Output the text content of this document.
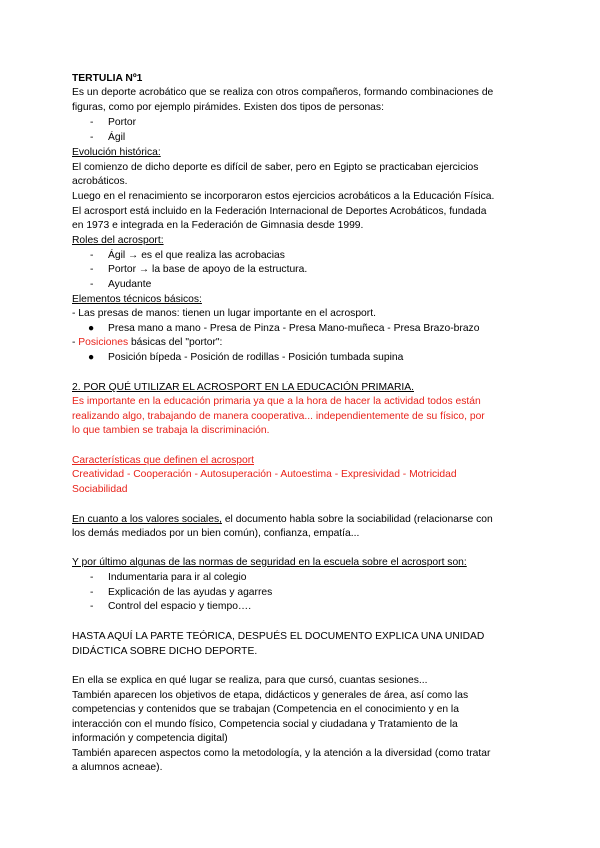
TERTULIA Nº1
Es un deporte acrobático que se realiza con otros compañeros, formando combinaciones de
figuras, como por ejemplo pirámides. Existen dos tipos de personas:
- Portor
- Ágil
Evolución histórica:
El comienzo de dicho deporte es difícil de saber, pero en Egipto se practicaban ejercicios
acrobáticos.
Luego en el renacimiento se incorporaron estos ejercicios acrobáticos a la Educación Física.
El acrosport está incluido en la Federación Internacional de Deportes Acrobáticos, fundada
en 1973 e integrada en la Federación de Gimnasia desde 1999.
Roles del acrosport:
- Ágil → es el que realiza las acrobacias
- Portor → la base de apoyo de la estructura.
- Ayudante
Elementos técnicos básicos:
- Las presas de manos: tienen un lugar importante en el acrosport.
● Presa mano a mano - Presa de Pinza - Presa Mano-muñeca - Presa Brazo-brazo
- Posiciones básicas del "portor":
● Posición bípeda - Posición de rodillas - Posición tumbada supina
2. POR QUÉ UTILIZAR EL ACROSPORT EN LA EDUCACIÓN PRIMARIA.
Es importante en la educación primaria ya que a la hora de hacer la actividad todos están
realizando algo, trabajando de manera cooperativa... independientemente de su físico, por
lo que tambien se trabaja la discriminación.
Características que definen el acrosport
Creatividad - Cooperación - Autosuperación - Autoestima - Expresividad - Motricidad
Sociabilidad
En cuanto a los valores sociales, el documento habla sobre la sociabilidad (relacionarse con
los demás mediados por un bien común), confianza, empatía...
Y por último algunas de las normas de seguridad en la escuela sobre el acrosport son:
- Indumentaria para ir al colegio
- Explicación de las ayudas y agarres
- Control del espacio y tiempo….
HASTA AQUÍ LA PARTE TEÓRICA, DESPUÉS EL DOCUMENTO EXPLICA UNA UNIDAD
DIDÁCTICA SOBRE DICHO DEPORTE.
En ella se explica en qué lugar se realiza, para que cursó, cuantas sesiones...
También aparecen los objetivos de etapa, didácticos y generales de área, así como las
competencias y contenidos que se trabajan (Competencia en el conocimiento y en la
interacción con el mundo físico, Competencia social y ciudadana y Tratamiento de la
información y competencia digital)
También aparecen aspectos como la metodología, y la atención a la diversidad (como tratar
a alumnos acneae).
